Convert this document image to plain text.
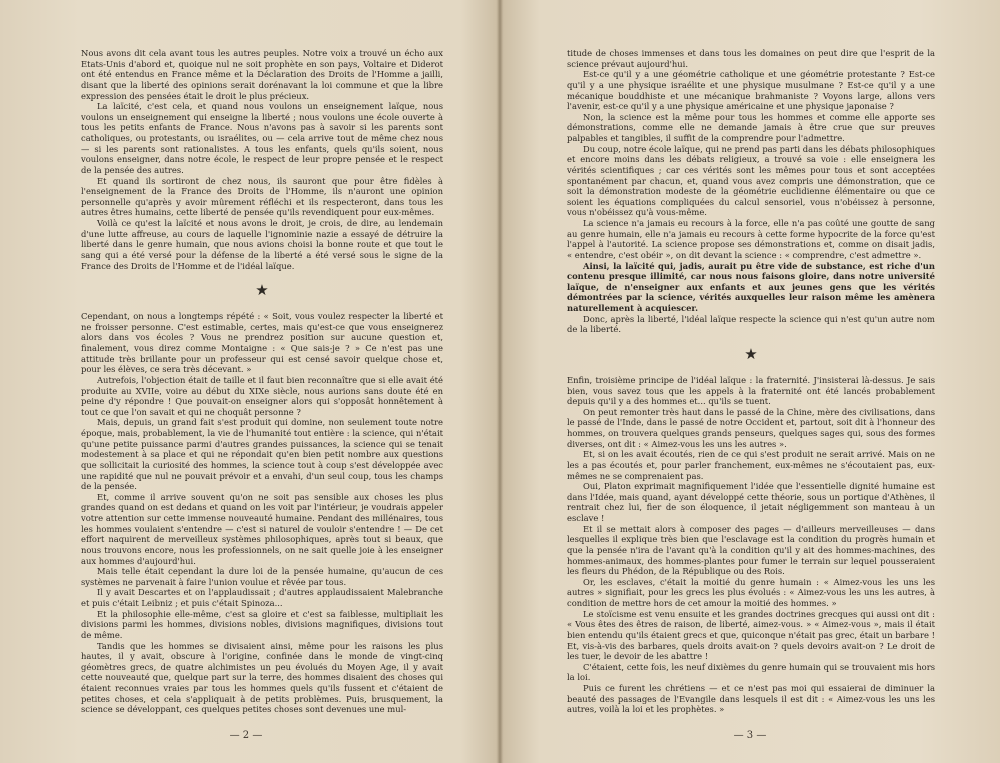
Nous avons dit cela avant tous les autres peuples. Notre voix a trouvé un écho aux Etats-Unis d'abord et, quoique nul ne soit prophète en son pays, Voltaire et Diderot ont été entendus en France même et la Déclaration des Droits de l'Homme a jailli, disant que la liberté des opinions serait dorénavant la loi commune et que la libre expression des pensées était le droit le plus précieux.

La laïcité, c'est cela, et quand nous voulons un enseignement laïque, nous voulons un enseignement qui enseigne la liberté ; nous voulons une école ouverte à tous les petits enfants de France. Nous n'avons pas à savoir si les parents sont catholiques, ou protestants, ou israélites, ou — cela arrive tout de même chez nous — si les parents sont rationalistes. A tous les enfants, quels qu'ils soient, nous voulons enseigner, dans notre école, le respect de leur propre pensée et le respect de la pensée des autres.

Et quand ils sortiront de chez nous, ils sauront que pour être fidèles à l'enseignement de la France des Droits de l'Homme, ils n'auront une opinion personnelle qu'après y avoir mûrement réfléchi et ils respecteront, dans tous les autres êtres humains, cette liberté de pensée qu'ils revendiquent pour eux-mêmes.

Voilà ce qu'est la laïcité et nous avons le droit, je crois, de dire, au lendemain d'une lutte affreuse, au cours de laquelle l'ignominie nazie a essayé de détruire la liberté dans le genre humain, que nous avions choisi la bonne route et que tout le sang qui a été versé pour la défense de la liberté a été versé sous le signe de la France des Droits de l'Homme et de l'idéal laïque.

★

Cependant, on nous a longtemps répété : « Soit, vous voulez respecter la liberté et ne froisser personne. C'est estimable, certes, mais qu'est-ce que vous enseignerez alors dans vos écoles ? Vous ne prendrez position sur aucune question et, finalement, vous direz comme Montaigne : « Que sais-je ? » Ce n'est pas une attitude très brillante pour un professeur qui est censé savoir quelque chose et, pour les élèves, ce sera très décevant. »

Autrefois, l'objection était de taille et il faut bien reconnaître que si elle avait été produite au XVIIe, voire au début du XIXe siècle, nous aurions sans doute été en peine d'y répondre ! Que pouvait-on enseigner alors qui s'opposât honnêtement à tout ce que l'on savait et qui ne choquât personne ?

Mais, depuis, un grand fait s'est produit qui domine, non seulement toute notre époque, mais, probablement, la vie de l'humanité tout entière : la science, qui n'était qu'une petite puissance parmi d'autres grandes puissances, la science qui se tenait modestement à sa place et qui ne répondait qu'en bien petit nombre aux questions que sollicitait la curiosité des hommes, la science tout à coup s'est développée avec une rapidité que nul ne pouvait prévoir et a envahi, d'un seul coup, tous les champs de la pensée.

Et, comme il arrive souvent qu'on ne soit pas sensible aux choses les plus grandes quand on est dedans et quand on les voit par l'intérieur, je voudrais appeler votre attention sur cette immense nouveauté humaine. Pendant des millénaires, tous les hommes voulaient s'entendre — c'est si naturel de vouloir s'entendre ! — De cet effort naquirent de merveilleux systèmes philosophiques, après tout si beaux, que nous trouvons encore, nous les professionnels, on ne sait quelle joie à les enseigner aux hommes d'aujourd'hui.

Mais telle était cependant la dure loi de la pensée humaine, qu'aucun de ces systèmes ne parvenait à faire l'union voulue et rêvée par tous.

Il y avait Descartes et on l'applaudissait ; d'autres applaudissaient Malebranche et puis c'était Leibniz ; et puis c'était Spinoza...

Et la philosophie elle-même, c'est sa gloire et c'est sa faiblesse, multipliait les divisions parmi les hommes, divisions nobles, divisions magnifiques, divisions tout de même.

Tandis que les hommes se divisaient ainsi, même pour les raisons les plus hautes, il y avait, obscure à l'origine, confinée dans le monde de vingt-cinq géomètres grecs, de quatre alchimistes un peu évolués du Moyen Age, il y avait cette nouveauté que, quelque part sur la terre, des hommes disaient des choses qui étaient reconnues vraies par tous les hommes quels qu'ils fussent et c'étaient de petites choses, et cela s'appliquait à de petits problèmes. Puis, brusquement, la science se développant, ces quelques petites choses sont devenues une mul-

— 2 —

titude de choses immenses et dans tous les domaines on peut dire que l'esprit de la science prévaut aujourd'hui.

Est-ce qu'il y a une géométrie catholique et une géométrie protestante ? Est-ce qu'il y a une physique israélite et une physique musulmane ? Est-ce qu'il y a une mécanique bouddhiste et une mécanique brahmaniste ? Voyons large, allons vers l'avenir, est-ce qu'il y a une physique américaine et une physique japonaise ?

Non, la science est la même pour tous les hommes et comme elle apporte ses démonstrations, comme elle ne demande jamais à être crue que sur preuves palpables et tangibles, il suffit de la comprendre pour l'admettre.

Du coup, notre école laïque, qui ne prend pas parti dans les débats philosophiques et encore moins dans les débats religieux, a trouvé sa voie : elle enseignera les vérités scientifiques ; car ces vérités sont les mêmes pour tous et sont acceptées spontanément par chacun, et, quand vous avez compris une démonstration, que ce soit la démonstration modeste de la géométrie euclidienne élémentaire ou que ce soient les équations compliquées du calcul sensoriel, vous n'obéissez à personne, vous n'obéissez qu'à vous-même.

La science n'a jamais eu recours à la force, elle n'a pas coûté une goutte de sang au genre humain, elle n'a jamais eu recours à cette forme hypocrite de la force qu'est l'appel à l'autorité. La science propose ses démonstrations et, comme on disait jadis, « entendre, c'est obéir », on dit devant la science : « comprendre, c'est admettre ».

Ainsi, la laïcité qui, jadis, aurait pu être vide de substance, est riche d'un contenu presque illimité, car nous nous faisons gloire, dans notre université laïque, de n'enseigner aux enfants et aux jeunes gens que les vérités démontrées par la science, vérités auxquelles leur raison même les amènera naturellement à acquiescer.

Donc, après la liberté, l'idéal laïque respecte la science qui n'est qu'un autre nom de la liberté.

★

Enfin, troisième principe de l'idéal laïque : la fraternité. J'insisterai là-dessus. Je sais bien, vous savez tous que les appels à la fraternité ont été lancés probablement depuis qu'il y a des hommes et... qu'ils se tuent.

On peut remonter très haut dans le passé de la Chine, mère des civilisations, dans le passé de l'Inde, dans le passé de notre Occident et, partout, soit dit à l'honneur des hommes, on trouvera quelques grands penseurs, quelques sages qui, sous des formes diverses, ont dit : « Aimez-vous les uns les autres ».

Et, si on les avait écoutés, rien de ce qui s'est produit ne serait arrivé. Mais on ne les a pas écoutés et, pour parler franchement, eux-mêmes ne s'écoutaient pas, eux-mêmes ne se comprenaient pas.

Oui, Platon exprimait magnifiquement l'idée que l'essentielle dignité humaine est dans l'Idée, mais quand, ayant développé cette théorie, sous un portique d'Athènes, il rentrait chez lui, fier de son éloquence, il jetait négligemment son manteau à un esclave !

Et il se mettait alors à composer des pages — d'ailleurs merveilleuses — dans lesquelles il explique très bien que l'esclavage est la condition du progrès humain et que la pensée n'ira de l'avant qu'à la condition qu'il y ait des hommes-machines, des hommes-animaux, des hommes-plantes pour fumer le terrain sur lequel pousseraient les fleurs du Phédon, de la République ou des Rois.

Or, les esclaves, c'était la moitié du genre humain : « Aimez-vous les uns les autres » signifiait, pour les grecs les plus évolués : « Aimez-vous les uns les autres, à condition de mettre hors de cet amour la moitié des hommes. »

Le stoïcisme est venu ensuite et les grandes doctrines grecques qui aussi ont dit : « Vous êtes des êtres de raison, de liberté, aimez-vous. » « Aimez-vous », mais il était bien entendu qu'ils étaient grecs et que, quiconque n'était pas grec, était un barbare ! Et, vis-à-vis des barbares, quels droits avait-on ? quels devoirs avait-on ? Le droit de les tuer, le devoir de les abattre !

C'étaient, cette fois, les neuf dixièmes du genre humain qui se trouvaient mis hors la loi.

Puis ce furent les chrétiens — et ce n'est pas moi qui essaierai de diminuer la beauté des passages de l'Evangile dans lesquels il est dit : « Aimez-vous les uns les autres, voilà la loi et les prophètes. »

— 3 —
